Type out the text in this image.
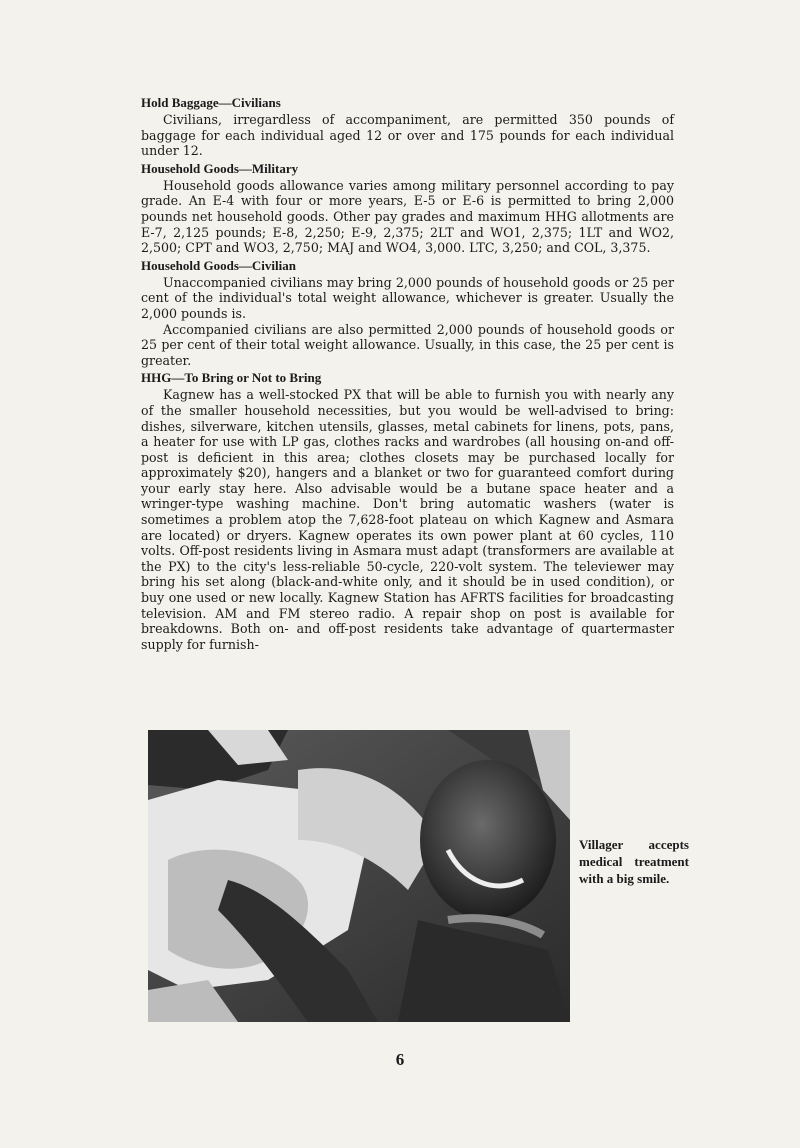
Hold Baggage—Civilians

Civilians, irregardless of accompaniment, are permitted 350 pounds of baggage for each individual aged 12 or over and 175 pounds for each individual under 12.

Household Goods—Military

Household goods allowance varies among military personnel according to pay grade. An E-4 with four or more years, E-5 or E-6 is permitted to bring 2,000 pounds net household goods. Other pay grades and maximum HHG allotments are E-7, 2,125 pounds; E-8, 2,250; E-9, 2,375; 2LT and WO1, 2,375; 1LT and WO2, 2,500; CPT and WO3, 2,750; MAJ and WO4, 3,000. LTC, 3,250; and COL, 3,375.

Household Goods—Civilian

Unaccompanied civilians may bring 2,000 pounds of household goods or 25 per cent of the individual's total weight allowance, whichever is greater. Usually the 2,000 pounds is.

Accompanied civilians are also permitted 2,000 pounds of household goods or 25 per cent of their total weight allowance. Usually, in this case, the 25 per cent is greater.

HHG—To Bring or Not to Bring

Kagnew has a well-stocked PX that will be able to furnish you with nearly any of the smaller household necessities, but you would be well-advised to bring: dishes, silverware, kitchen utensils, glasses, metal cabinets for linens, pots, pans, a heater for use with LP gas, clothes racks and wardrobes (all housing on-and off-post is deficient in this area; clothes closets may be purchased locally for approximately $20), hangers and a blanket or two for guaranteed comfort during your early stay here. Also advisable would be a butane space heater and a wringer-type washing machine. Don't bring automatic washers (water is sometimes a problem atop the 7,628-foot plateau on which Kagnew and Asmara are located) or dryers. Kagnew operates its own power plant at 60 cycles, 110 volts. Off-post residents living in Asmara must adapt (transformers are available at the PX) to the city's less-reliable 50-cycle, 220-volt system. The televiewer may bring his set along (black-and-white only, and it should be in used condition), or buy one used or new locally. Kagnew Station has AFRTS facilities for broadcasting television. AM and FM stereo radio. A repair shop on post is available for breakdowns. Both on- and off-post residents take advantage of quartermaster supply for furnish-

Villager accepts medical treatment with a big smile.
6
